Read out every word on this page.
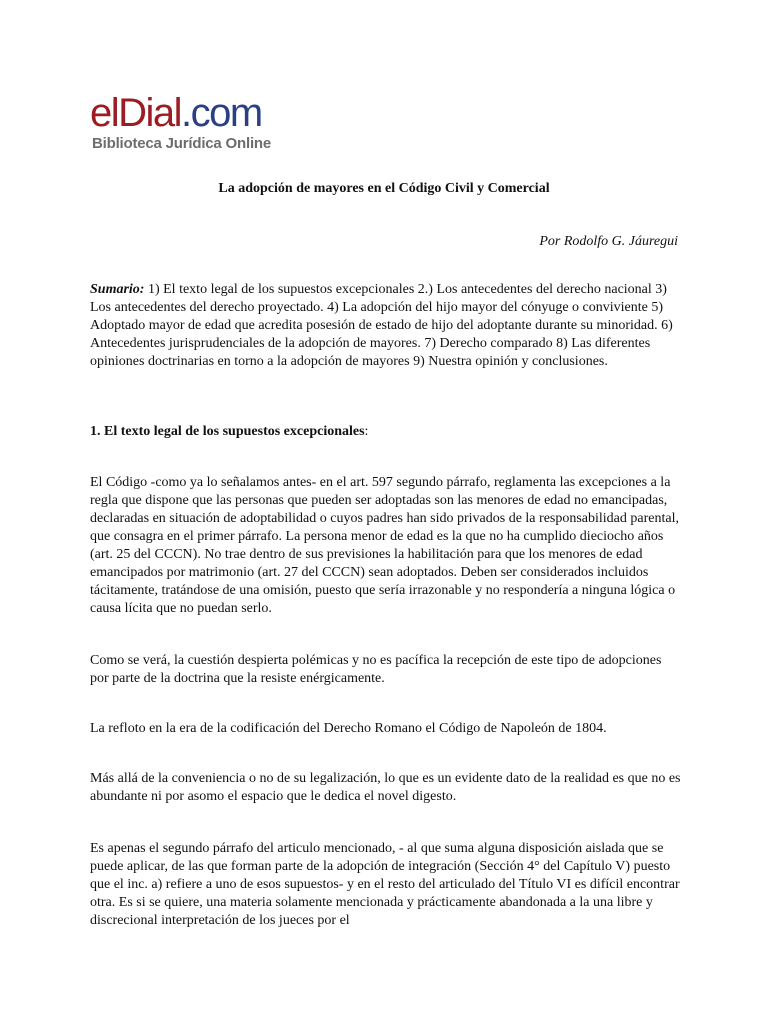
elDial.com
Biblioteca Jurídica Online
La adopción de mayores en el Código Civil y Comercial
Por Rodolfo G. Jáuregui

Sumario: 1) El texto legal de los supuestos excepcionales 2.) Los antecedentes del derecho nacional 3) Los antecedentes del derecho proyectado. 4) La adopción del hijo mayor del cónyuge o conviviente 5) Adoptado mayor de edad que acredita posesión de estado de hijo del adoptante durante su minoridad. 6) Antecedentes jurisprudenciales de la adopción de mayores. 7) Derecho comparado 8) Las diferentes opiniones doctrinarias en torno a la adopción de mayores 9) Nuestra opinión y conclusiones.

1. El texto legal de los supuestos excepcionales:

El Código -como ya lo señalamos antes- en el art. 597 segundo párrafo, reglamenta las excepciones a la regla que dispone que las personas que pueden ser adoptadas son las menores de edad no emancipadas, declaradas en situación de adoptabilidad o cuyos padres han sido privados de la responsabilidad parental, que consagra en el primer párrafo. La persona menor de edad es la que no ha cumplido dieciocho años (art. 25 del CCCN). No trae dentro de sus previsiones la habilitación para que los menores de edad emancipados por matrimonio (art. 27 del CCCN) sean adoptados. Deben ser considerados incluidos tácitamente, tratándose de una omisión, puesto que sería irrazonable y no respondería a ninguna lógica o causa lícita que no puedan serlo.

Como se verá, la cuestión despierta polémicas y no es pacífica la recepción de este tipo de adopciones por parte de la doctrina que la resiste enérgicamente.

La refloto en la era de la codificación del Derecho Romano el Código de Napoleón de 1804.

Más allá de la conveniencia o no de su legalización, lo que es un evidente dato de la realidad es que no es abundante ni por asomo el espacio que le dedica el novel digesto.

Es apenas el segundo párrafo del articulo mencionado, - al que suma alguna disposición aislada que se puede aplicar, de las que forman parte de la adopción de integración (Sección 4° del Capítulo V) puesto que el inc. a) refiere a uno de esos supuestos- y en el resto del articulado del Título VI es difícil encontrar otra. Es si se quiere, una materia solamente mencionada y prácticamente abandonada a la una libre y discrecional interpretación de los jueces por el
